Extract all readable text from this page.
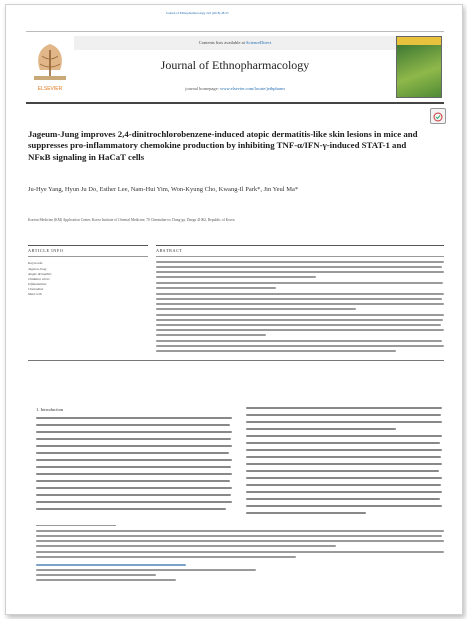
Journal of Ethnopharmacology 222 (2018) 48-55
ELSEVIER
Contents lists available at ScienceDirect
Journal of Ethnopharmacology
journal homepage: www.elsevier.com/locate/jethpharm
Jageum-Jung improves 2,4-dinitrochlorobenzene-induced atopic dermatitis-like skin lesions in mice and suppresses pro-inflammatory chemokine production by inhibiting TNF-α/IFN-γ-induced STAT-1 and NFκB signaling in HaCaT cells
Ju-Hye Yang, Hyun Ju Do, Esther Lee, Nam-Hui Yim, Won-Kyung Cho, Kwang-Il Park*, Jin Yeul Ma*
Korean Medicine (KM) Application Center, Korea Institute of Oriental Medicine, 70 Cheomdan-ro, Dong-gu, Daegu 41062, Republic of Korea
ARTICLE INFO	ABSTRACT
Keywords:
Jageum-Jung
Atopic dermatitis
Oxidative stress
Inflammation
Chemokine
Mast cells
1. Introduction
